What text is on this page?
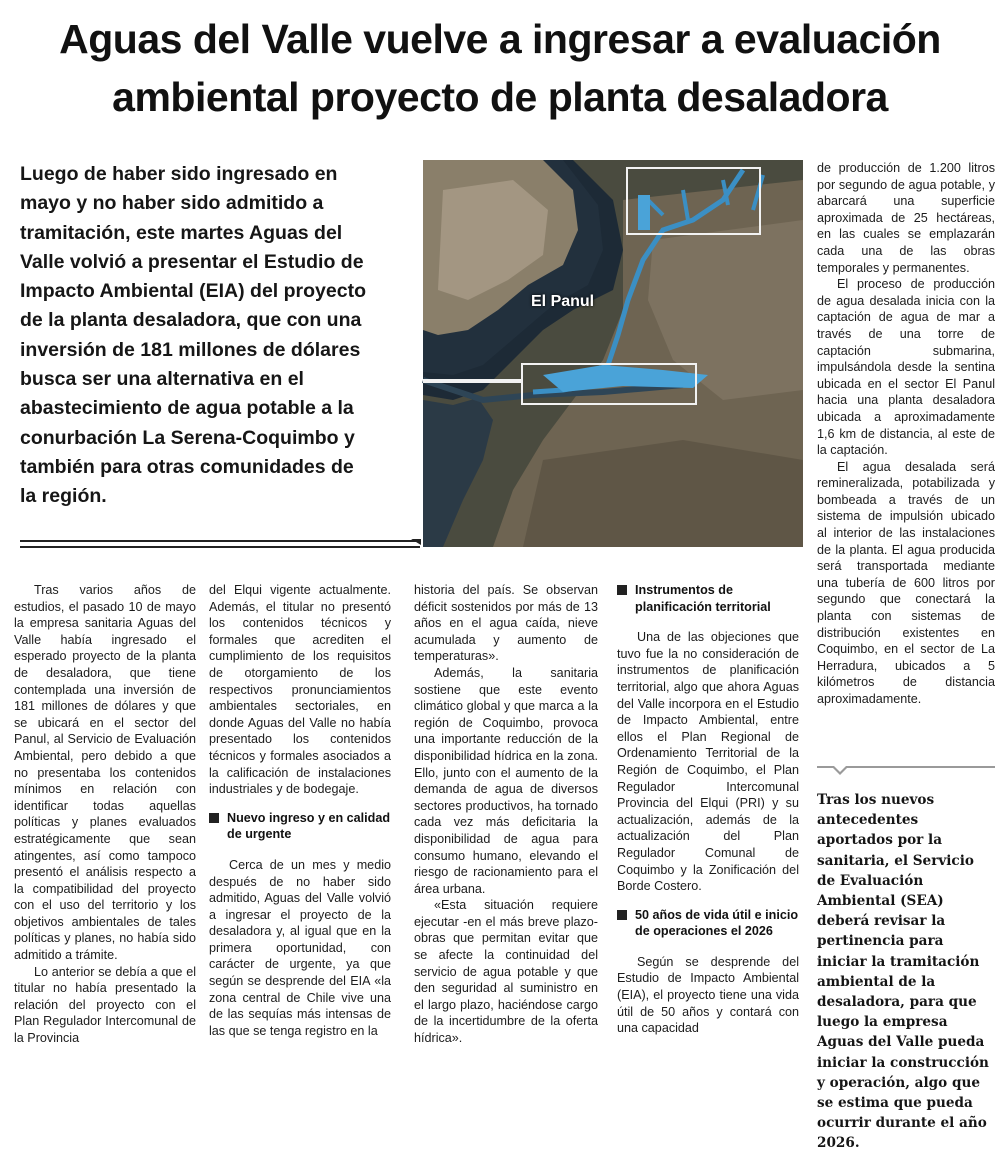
Aguas del Valle vuelve a ingresar a evaluación ambiental proyecto de planta desaladora
Luego de haber sido ingresado en mayo y no haber sido admitido a tramitación, este martes Aguas del Valle volvió a presentar el Estudio de Impacto Ambiental (EIA) del proyecto de la planta desaladora, que con una inversión de 181 millones de dólares busca ser una alternativa en el abastecimiento de agua potable a la conurbación La Serena-Coquimbo y también para otras comunidades de la región.
El Panul

Tras varios años de estudios, el pasado 10 de mayo la empresa sanitaria Aguas del Valle había ingresado el esperado proyecto de la planta de desaladora, que tiene contemplada una inversión de 181 millones de dólares y que se ubicará en el sector del Panul, al Servicio de Evaluación Ambiental, pero debido a que no presentaba los contenidos mínimos en relación con identificar todas aquellas políticas y planes evaluados estratégicamente que sean atingentes, así como tampoco presentó el análisis respecto a la compatibilidad del proyecto con el uso del territorio y los objetivos ambientales de tales políticas y planes, no había sido admitido a trámite.

Lo anterior se debía a que el titular no había presentado la relación del proyecto con el Plan Regulador Intercomunal de la Provincia

del Elqui vigente actualmente. Además, el titular no presentó los contenidos técnicos y formales que acrediten el cumplimiento de los requisitos de otorgamiento de los respectivos pronunciamientos ambientales sectoriales, en donde Aguas del Valle no había presentado los contenidos técnicos y formales asociados a la calificación de instalaciones industriales y de bodegaje.

Nuevo ingreso y en calidad de urgente

Cerca de un mes y medio después de no haber sido admitido, Aguas del Valle volvió a ingresar el proyecto de la desaladora y, al igual que en la primera oportunidad, con carácter de urgente, ya que según se desprende del EIA «la zona central de Chile vive una de las sequías más intensas de las que se tenga registro en la

historia del país. Se observan déficit sostenidos por más de 13 años en el agua caída, nieve acumulada y aumento de temperaturas».

Además, la sanitaria sostiene que este evento climático global y que marca a la región de Coquimbo, provoca una importante reducción de la disponibilidad hídrica en la zona. Ello, junto con el aumento de la demanda de agua de diversos sectores productivos, ha tornado cada vez más deficitaria la disponibilidad de agua para consumo humano, elevando el riesgo de racionamiento para el área urbana.

«Esta situación requiere ejecutar -en el más breve plazo- obras que permitan evitar que se afecte la continuidad del servicio de agua potable y que den seguridad al suministro en el largo plazo, haciéndose cargo de la incertidumbre de la oferta hídrica».

Instrumentos de planificación territorial

Una de las objeciones que tuvo fue la no consideración de instrumentos de planificación territorial, algo que ahora Aguas del Valle incorpora en el Estudio de Impacto Ambiental, entre ellos el Plan Regional de Ordenamiento Territorial de la Región de Coquimbo, el Plan Regulador Intercomunal Provincia del Elqui (PRI) y su actualización, además de la actualización del Plan Regulador Comunal de Coquimbo y la Zonificación del Borde Costero.

50 años de vida útil e inicio de operaciones el 2026

Según se desprende del Estudio de Impacto Ambiental (EIA), el proyecto tiene una vida útil de 50 años y contará con una capacidad

de producción de 1.200 litros por segundo de agua potable, y abarcará una superficie aproximada de 25 hectáreas, en las cuales se emplazarán cada una de las obras temporales y permanentes.

El proceso de producción de agua desalada inicia con la captación de agua de mar a través de una torre de captación submarina, impulsándola desde la sentina ubicada en el sector El Panul hacia una planta desaladora ubicada a aproximadamente 1,6 km de distancia, al este de la captación.

El agua desalada será remineralizada, potabilizada y bombeada a través de un sistema de impulsión ubicado al interior de las instalaciones de la planta. El agua producida será transportada mediante una tubería de 600 litros por segundo que conectará la planta con sistemas de distribución existentes en Coquimbo, en el sector de La Herradura, ubicados a 5 kilómetros de distancia aproximadamente.

Tras los nuevos antecedentes aportados por la sanitaria, el Servicio de Evaluación Ambiental (SEA) deberá revisar la pertinencia para iniciar la tramitación ambiental de la desaladora, para que luego la empresa Aguas del Valle pueda iniciar la construcción y operación, algo que se estima que pueda ocurrir durante el año 2026.
